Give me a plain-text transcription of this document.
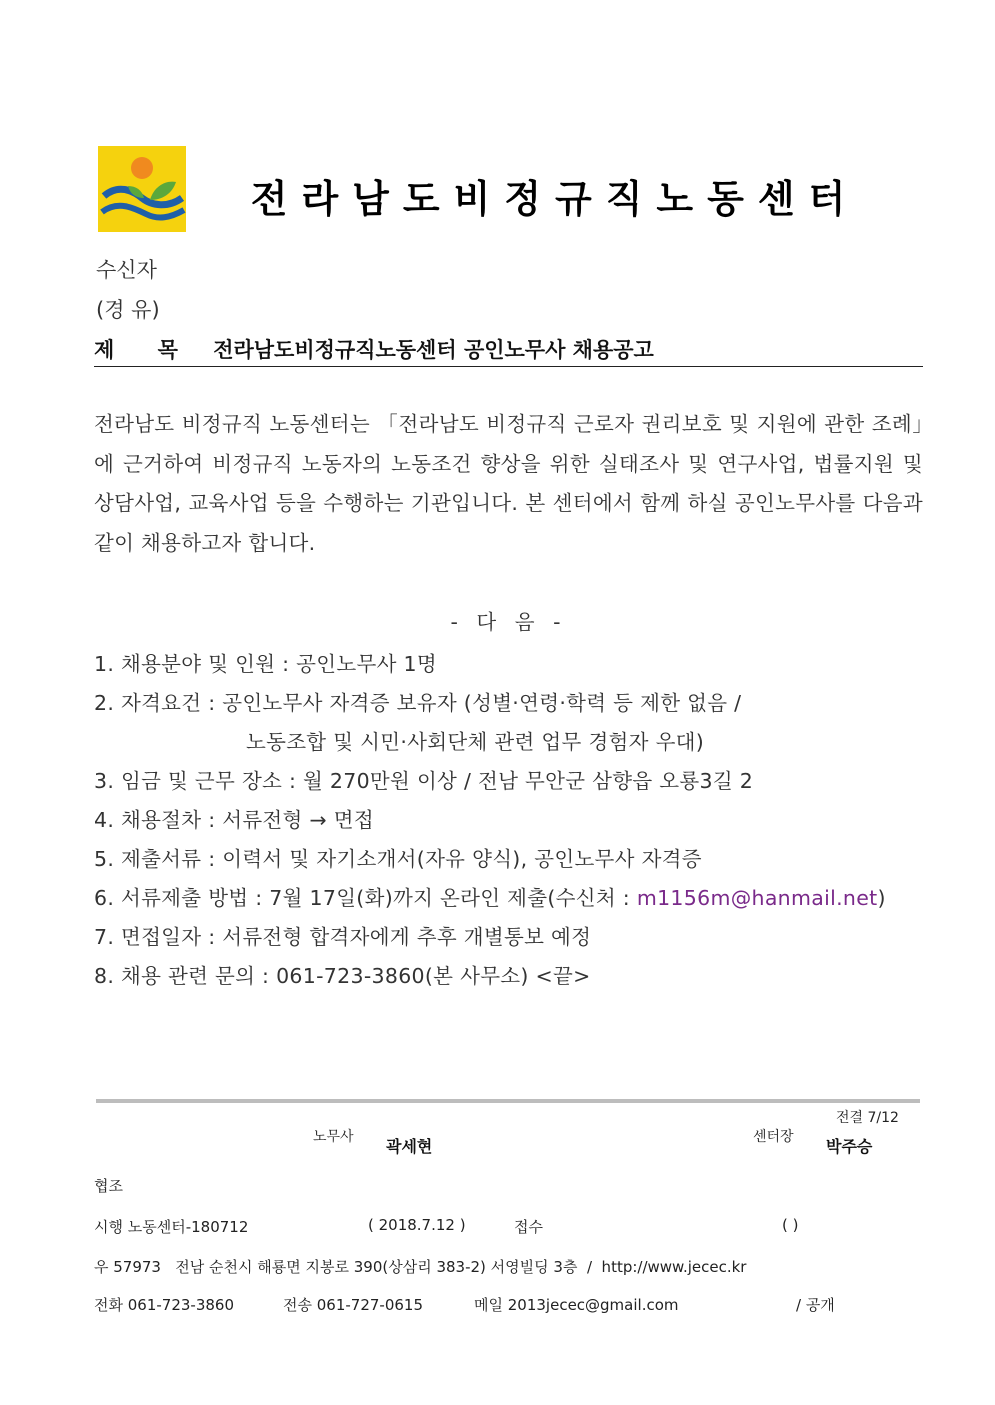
전라남도비정규직노동센터
수신자
(경 유)
제 목 전라남도비정규직노동센터 공인노무사 채용공고
전라남도 비정규직 노동센터는 「전라남도 비정규직 근로자 권리보호 및 지원에 관한 조례」에 근거하여 비정규직 노동자의 노동조건 향상을 위한 실태조사 및 연구사업, 법률지원 및 상담사업, 교육사업 등을 수행하는 기관입니다. 본 센터에서 함께 하실 공인노무사를 다음과 같이 채용하고자 합니다.
- 다 음 -
1. 채용분야 및 인원 : 공인노무사 1명
2. 자격요건 : 공인노무사 자격증 보유자 (성별·연령·학력 등 제한 없음 /
노동조합 및 시민·사회단체 관련 업무 경험자 우대)
3. 임금 및 근무 장소 : 월 270만원 이상 / 전남 무안군 삼향읍 오룡3길 2
4. 채용절차 : 서류전형 → 면접
5. 제출서류 : 이력서 및 자기소개서(자유 양식), 공인노무사 자격증
6. 서류제출 방법 : 7월 17일(화)까지 온라인 제출(수신처 : m1156m@hanmail.net)
7. 면접일자 : 서류전형 합격자에게 추후 개별통보 예정
8. 채용 관련 문의 : 061-723-3860(본 사무소) <끝>
전결 7/12
노무사 곽세현	센터장 박주승
협조
시행 노동센터-180712	( 2018.7.12 )	접수	( )
우 57973   전남 순천시 해룡면 지봉로 390(상삼리 383-2) 서영빌딩 3층  /  http://www.jecec.kr
전화 061-723-3860	전송 061-727-0615	메일 2013jecec@gmail.com	/ 공개
